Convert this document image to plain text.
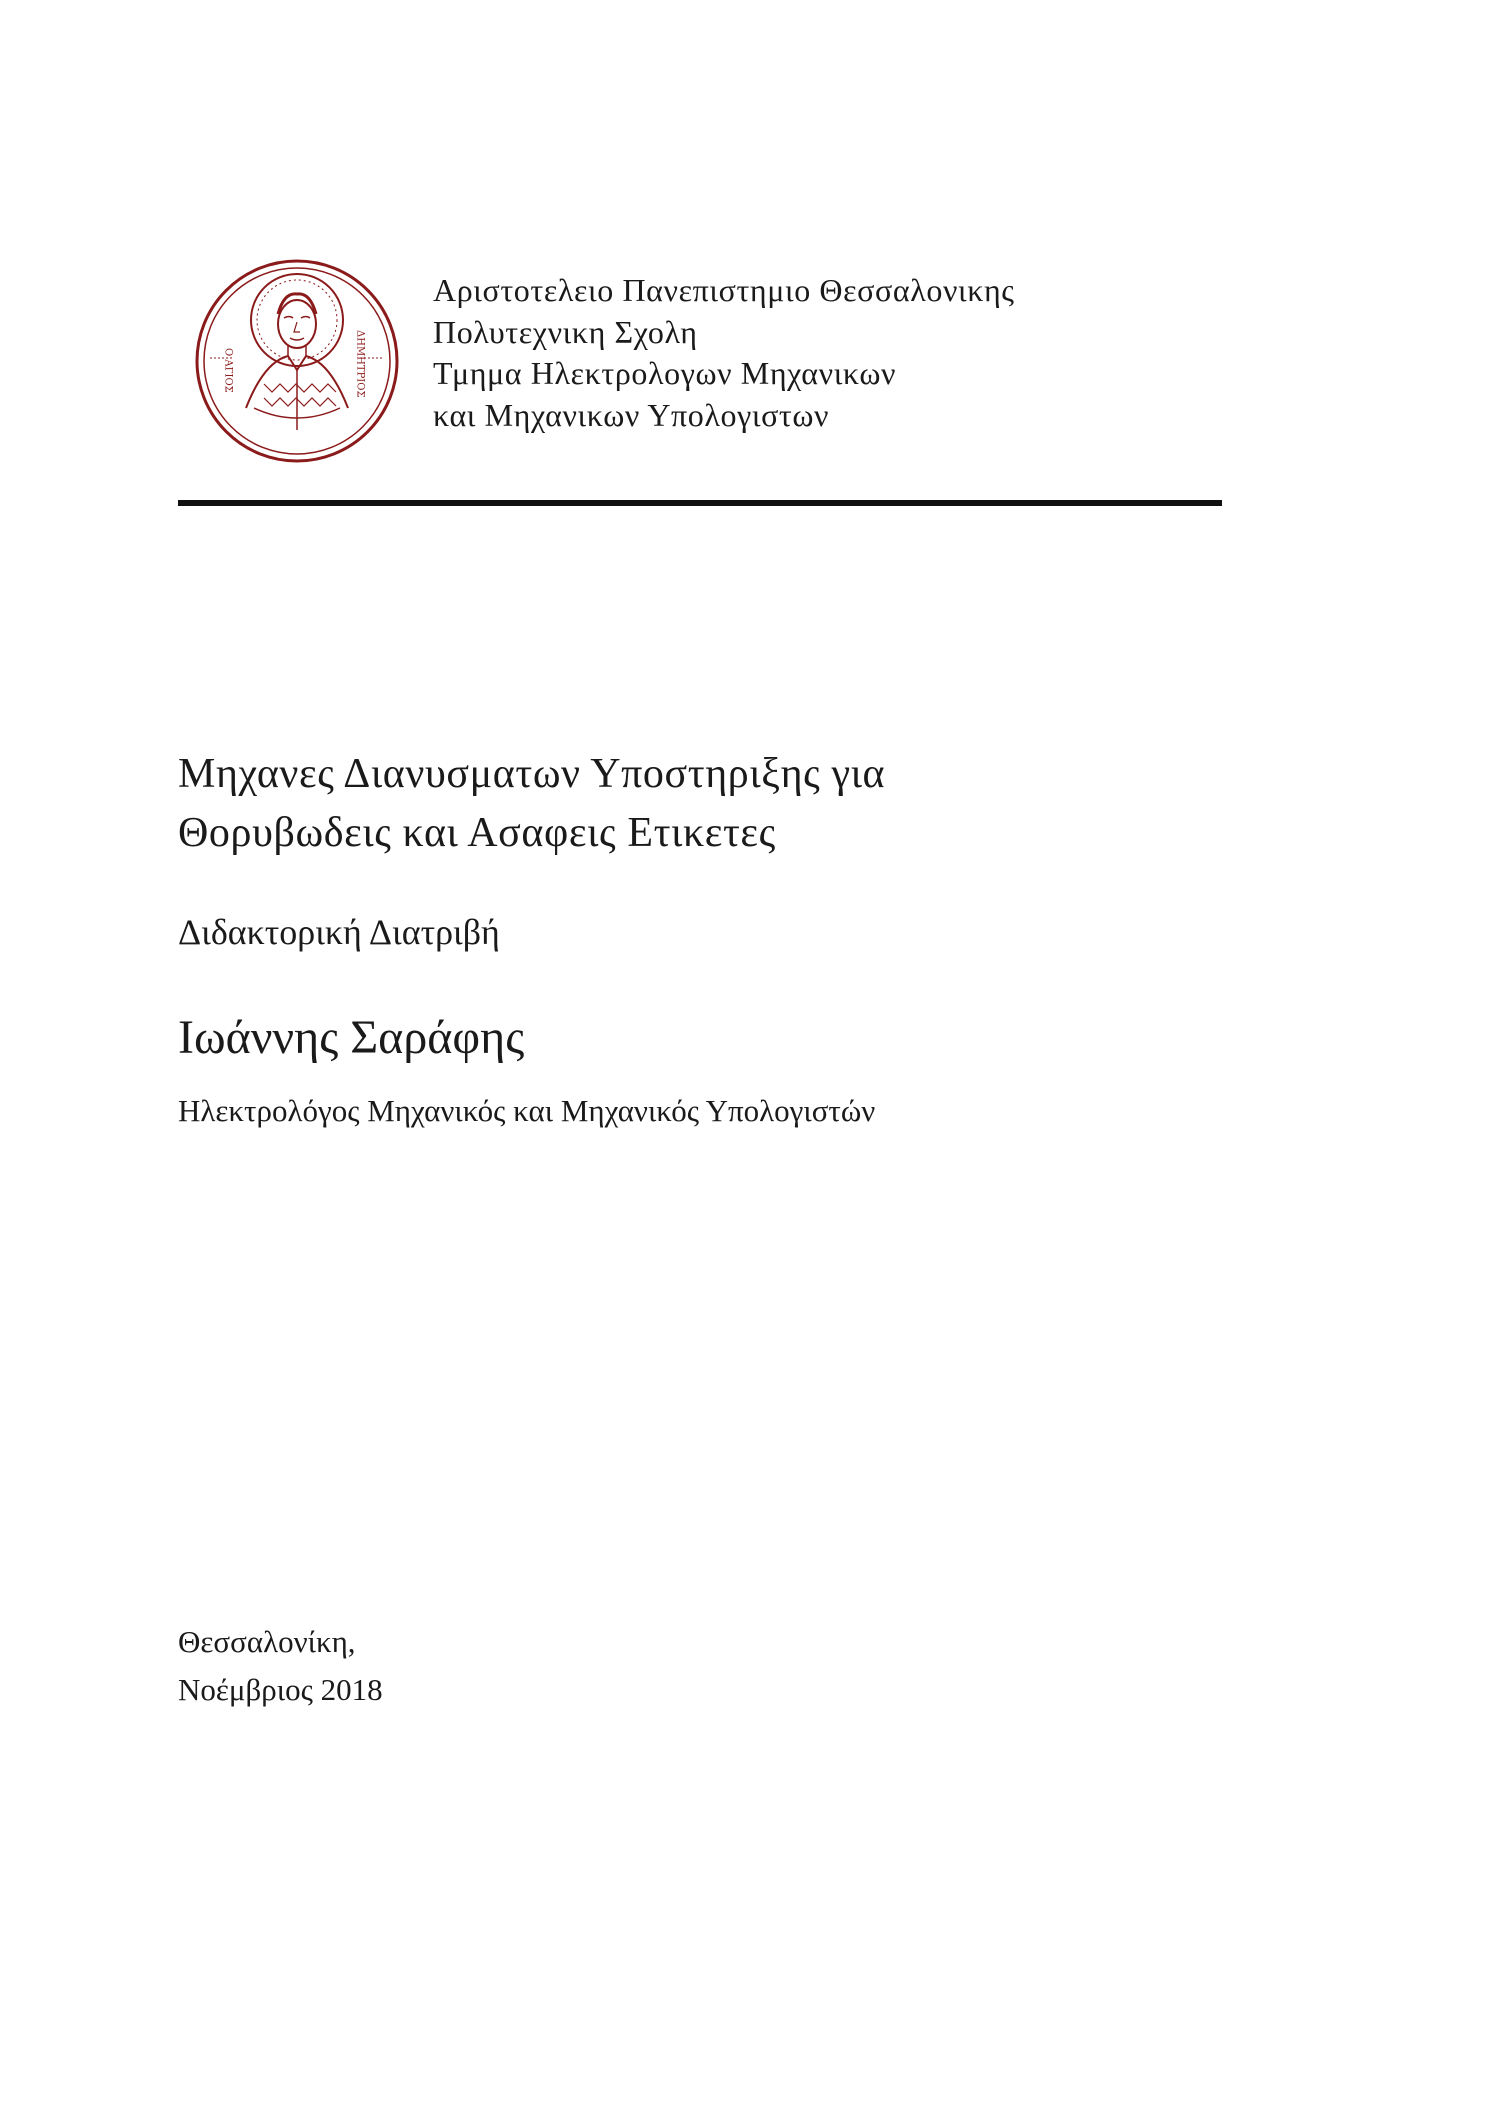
Ο ΑΓΙΟΣ	ΔΗΜΗΤΡΙΟΣ
Αριστοτελειο Πανεπιστημιο Θεσσαλονικης
Πολυτεχνικη Σχολη
Τμημα Ηλεκτρολογων Μηχανικων
και Μηχανικων Υπολογιστων
Μηχανες Διανυσματων Υποστηριξης για
Θορυβωδεις και Ασαφεις Ετικετες
Διδακτορική Διατριβή
Ιωάννης Σαράφης
Ηλεκτρολόγος Μηχανικός και Μηχανικός Υπολογιστών
Θεσσαλονίκη,
Νοέμβριος 2018
